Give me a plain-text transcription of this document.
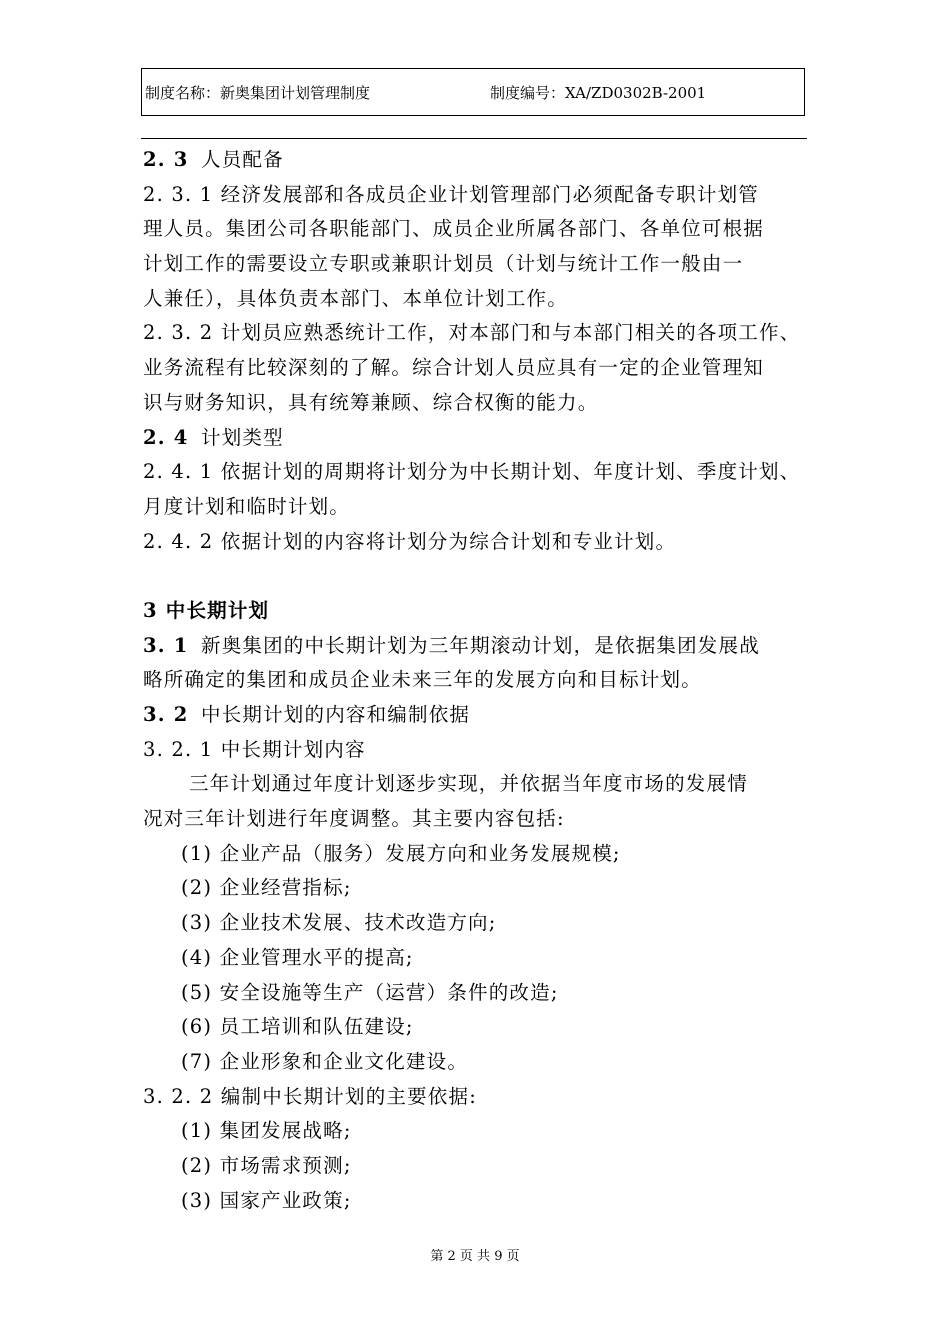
制度名称：新奥集团计划管理制度	制度编号：XA/ZD0302B-2001
2. 3 人员配备
2. 3. 1 经济发展部和各成员企业计划管理部门必须配备专职计划管
理人员。集团公司各职能部门、成员企业所属各部门、各单位可根据
计划工作的需要设立专职或兼职计划员（计划与统计工作一般由一
人兼任），具体负责本部门、本单位计划工作。
2. 3. 2 计划员应熟悉统计工作，对本部门和与本部门相关的各项工作、
业务流程有比较深刻的了解。综合计划人员应具有一定的企业管理知
识与财务知识，具有统筹兼顾、综合权衡的能力。
2. 4 计划类型
2. 4. 1 依据计划的周期将计划分为中长期计划、年度计划、季度计划、
月度计划和临时计划。
2. 4. 2 依据计划的内容将计划分为综合计划和专业计划。
3 中长期计划
3. 1 新奥集团的中长期计划为三年期滚动计划，是依据集团发展战
略所确定的集团和成员企业未来三年的发展方向和目标计划。
3. 2 中长期计划的内容和编制依据
3. 2. 1 中长期计划内容
三年计划通过年度计划逐步实现，并依据当年度市场的发展情
况对三年计划进行年度调整。其主要内容包括:
(1) 企业产品（服务）发展方向和业务发展规模;
(2) 企业经营指标;
(3) 企业技术发展、技术改造方向;
(4) 企业管理水平的提高;
(5) 安全设施等生产（运营）条件的改造;
(6) 员工培训和队伍建设;
(7) 企业形象和企业文化建设。
3. 2. 2 编制中长期计划的主要依据:
(1) 集团发展战略;
(2) 市场需求预测;
(3) 国家产业政策;
第 2 页 共 9 页
